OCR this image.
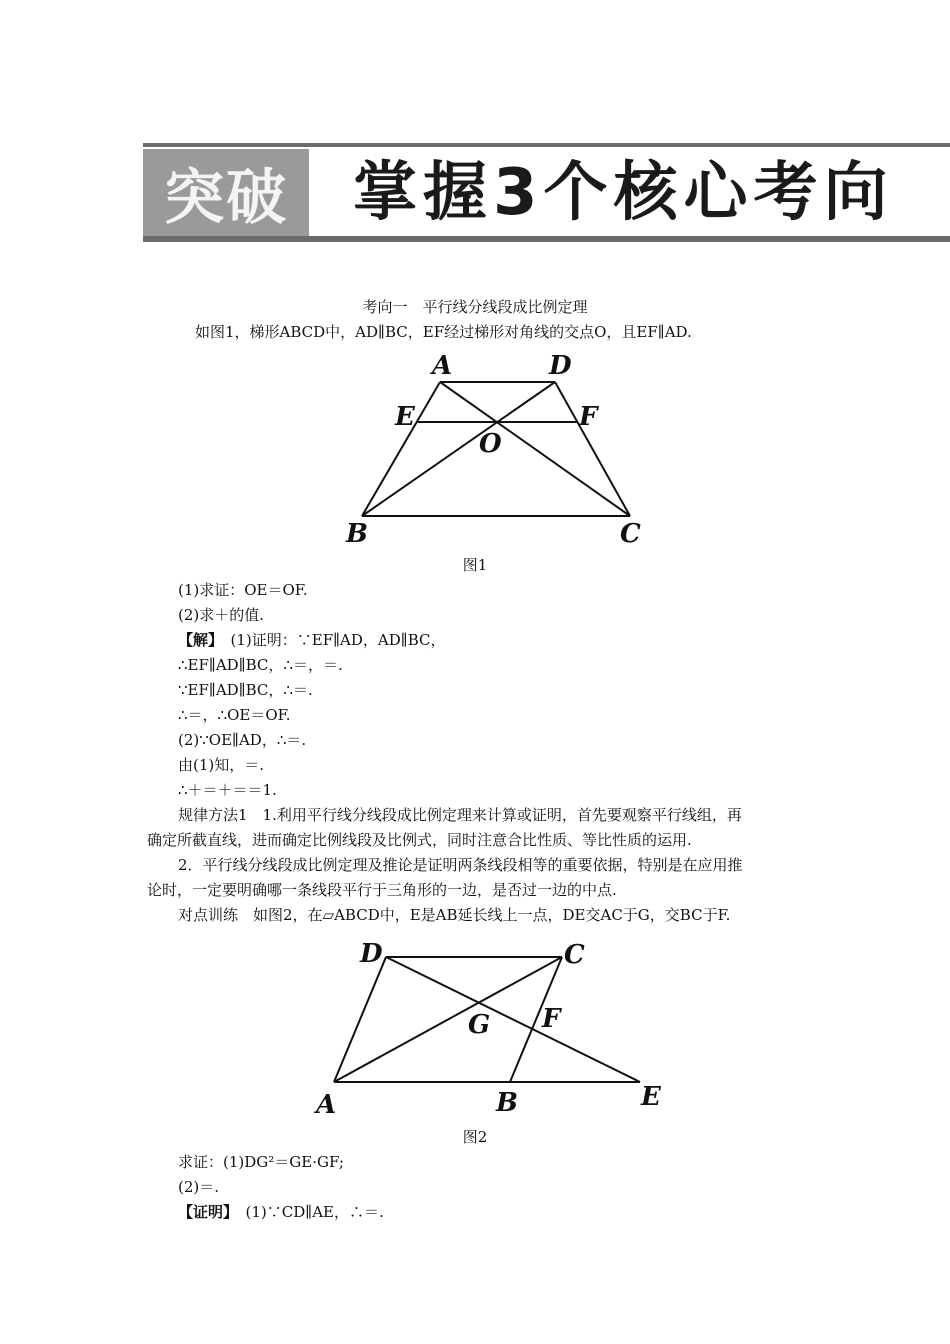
突破 掌握3个核心考向
考向一　平行线分线段成比例定理
如图1，梯形ABCD中，AD∥BC，EF经过梯形对角线的交点O，且EF∥AD.
A	D
E	F
O
B	C
图1
(1)求证：OE＝OF.
(2)求＋的值.
【解】　(1)证明：∵EF∥AD，AD∥BC，
∴EF∥AD∥BC，∴＝，＝.
∵EF∥AD∥BC，∴＝.
∴＝，∴OE＝OF.
(2)∵OE∥AD，∴＝.
由(1)知，＝.
∴＋＝＋＝＝1.
规律方法1　1.利用平行线分线段成比例定理来计算或证明，首先要观察平行线组，再
确定所截直线，进而确定比例线段及比例式，同时注意合比性质、等比性质的运用.
2．平行线分线段成比例定理及推论是证明两条线段相等的重要依据，特别是在应用推
论时，一定要明确哪一条线段平行于三角形的一边，是否过一边的中点.
对点训练　如图2，在▱ABCD中，E是AB延长线上一点，DE交AC于G，交BC于F.
D	C
G F
A	B	E
图2
求证：(1)DG²＝GE·GF;
(2)＝.
【证明】　(1)∵CD∥AE，∴＝.
